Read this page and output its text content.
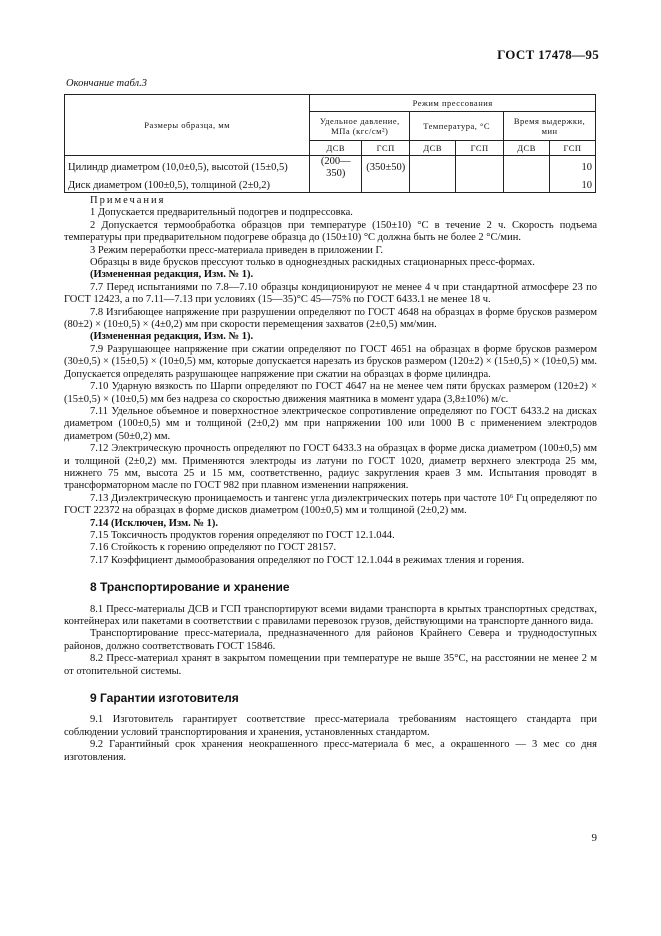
ГОСТ 17478—95
Окончание табл.3
Размеры образца, мм	Режим прессования					
	Удельное давление, МПа (кгс/см²)		Температура, °С		Время выдержки, мин	
	ДСВ	ГСП	ДСВ	ГСП	ДСВ	ГСП
Цилиндр диаметром (10,0±0,5), высотой (15±0,5)	(200—350)	(350±50)				10
Диск диаметром (100±0,5), толщиной (2±0,2)						10

Примечания

1 Допускается предварительный подогрев и подпрессовка.

2 Допускается термообработка образцов при температуре (150±10) °С в течение 2 ч. Скорость подъема температуры при предварительном подогреве образца до (150±10) °С должна быть не более 2 °С/мин.

3 Режим переработки пресс-материала приведен в приложении Г.

Образцы в виде брусков прессуют только в однogнездных раскидных стационарных пресс-формах.

(Измененная редакция, Изм. № 1).

7.7 Перед испытаниями по 7.8—7.10 образцы кондиционируют не менее 4 ч при стандартной атмосфере 23 по ГОСТ 12423, а по 7.11—7.13 при условиях (15—35)°С 45—75% по ГОСТ 6433.1 не менее 18 ч.

7.8 Изгибающее напряжение при разрушении определяют по ГОСТ 4648 на образцах в форме брусков размером (80±2) × (10±0,5) × (4±0,2) мм при скорости перемещения захватов (2±0,5) мм/мин.

(Измененная редакция, Изм. № 1).

7.9 Разрушающее напряжение при сжатии определяют по ГОСТ 4651 на образцах в форме брусков размером (30±0,5) × (15±0,5) × (10±0,5) мм, которые допускается нарезать из брусков размером (120±2) × (15±0,5) × (10±0,5) мм. Допускается определять разрушающее напряжение при сжатии на образцах в форме цилиндра.

7.10 Ударную вязкость по Шарпи определяют по ГОСТ 4647 на не менее чем пяти брусках размером (120±2) × (15±0,5) × (10±0,5) мм без надреза со скоростью движения маятника в момент удара (3,8±10%) м/с.

7.11 Удельное объемное и поверхностное электрическое сопротивление определяют по ГОСТ 6433.2 на дисках диаметром (100±0,5) мм и толщиной (2±0,2) мм при напряжении 100 или 1000 В с применением электродов диаметром (50±0,2) мм.

7.12 Электрическую прочность определяют по ГОСТ 6433.3 на образцах в форме диска диаметром (100±0,5) мм и толщиной (2±0,2) мм. Применяются электроды из латуни по ГОСТ 1020, диаметр верхнего электрода 25 мм, нижнего 75 мм, высота 25 и 15 мм, соответственно, радиус закругления краев 3 мм. Испытания проводят в трансформаторном масле по ГОСТ 982 при плавном изменении напряжения.

7.13 Диэлектрическую проницаемость и тангенс угла диэлектрических потерь при частоте 10⁶ Гц определяют по ГОСТ 22372 на образцах в форме дисков диаметром (100±0,5) мм и толщиной (2±0,2) мм.

7.14 (Исключен, Изм. № 1).

7.15 Токсичность продуктов горения определяют по ГОСТ 12.1.044.

7.16 Стойкость к горению определяют по ГОСТ 28157.

7.17 Коэффициент дымообразования определяют по ГОСТ 12.1.044 в режимах тления и горения.

8 Транспортирование и хранение

8.1 Пресс-материалы ДСВ и ГСП транспортируют всеми видами транспорта в крытых транспортных средствах, контейнерах или пакетами в соответствии с правилами перевозок грузов, действующими на транспорте данного вида.

Транспортирование пресс-материала, предназначенного для районов Крайнего Севера и труднодоступных районов, должно соответствовать ГОСТ 15846.

8.2 Пресс-материал хранят в закрытом помещении при температуре не выше 35°С, на расстоянии не менее 2 м от отопительной системы.

9 Гарантии изготовителя

9.1 Изготовитель гарантирует соответствие пресс-материала требованиям настоящего стандарта при соблюдении условий транспортирования и хранения, установленных стандартом.

9.2 Гарантийный срок хранения неокрашенного пресс-материала 6 мес, а окрашенного — 3 мес со дня изготовления.

9
